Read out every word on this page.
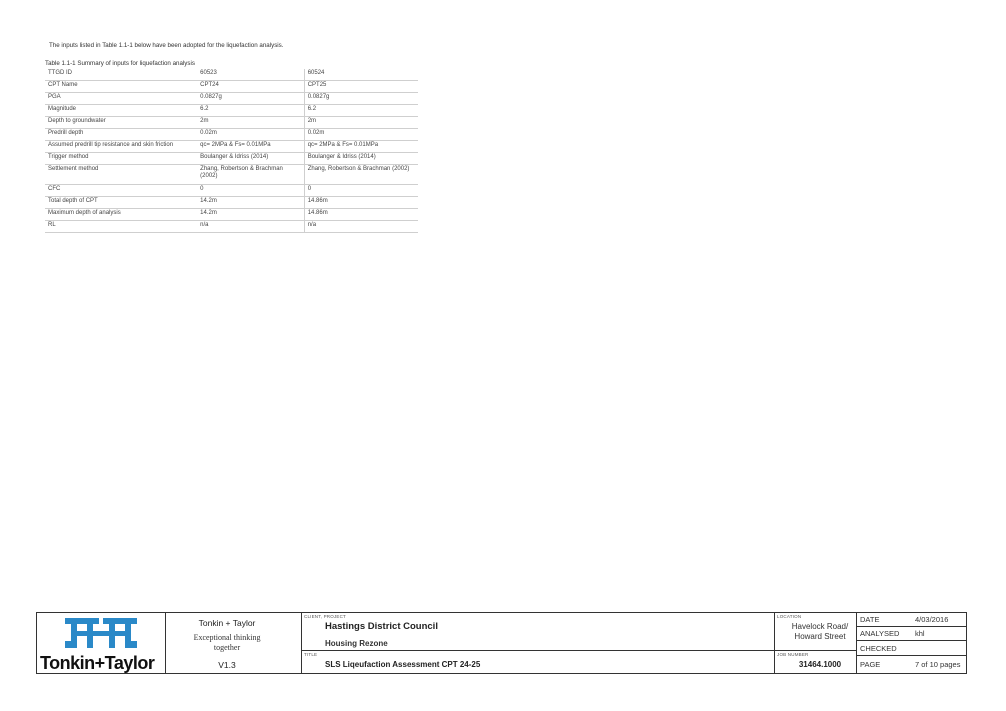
The inputs listed in Table 1.1-1 below have been adopted for the liquefaction analysis.
Table 1.1-1 Summary of inputs for liquefaction analysis
TTGD ID	60523	60524
CPT Name	CPT24	CPT25
PGA	0.0827g	0.0827g
Magnitude	6.2	6.2
Depth to groundwater	2m	2m
Predrill depth	0.02m	0.02m
Assumed predrill tip resistance and skin friction	qc= 2MPa & Fs= 0.01MPa	qc= 2MPa & Fs= 0.01MPa
Trigger method	Boulanger & Idriss (2014)	Boulanger & Idriss (2014)
Settlement method	Zhang, Robertson & Brachman (2002)	Zhang, Robertson & Brachman (2002)
CFC	0	0
Total depth of CPT	14.2m	14.86m
Maximum depth of analysis	14.2m	14.86m
RL	n/a	n/a
Tonkin+Taylor
Tonkin + Taylor
Exceptional thinking
together
V1.3
CLIENT, PROJECT
Hastings District Council
Housing Rezone
TITLE
SLS Liqeufaction Assessment CPT 24-25
LOCATION
Havelock Road/
Howard Street
JOB NUMBER
31464.1000
DATE	4/03/2016
ANALYSED khl
CHECKED
PAGE	7 of 10 pages
